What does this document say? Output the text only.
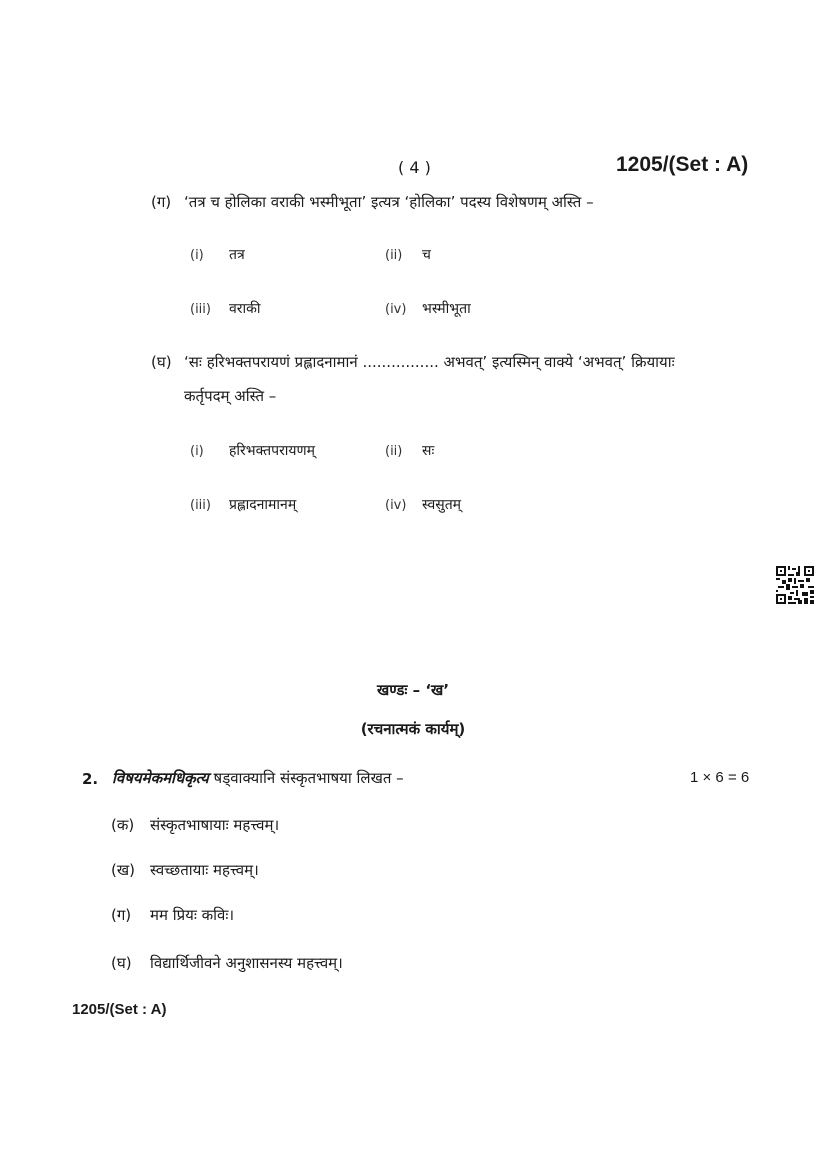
( 4 )	1205/(Set : A)
(ग) ‘तत्र च होलिका वराकी भस्मीभूता’ इत्यत्र ‘होलिका’ पदस्य विशेषणम् अस्ति –
(i) तत्र	(ii) च
(iii) वराकी	(iv) भस्मीभूता
(घ) ‘सः हरिभक्तपरायणं प्रह्लादनामानं ................ अभवत्’ इत्यस्मिन् वाक्ये ‘अभवत्’ क्रियायाः
कर्तृपदम् अस्ति –
(i) हरिभक्तपरायणम्	(ii) सः
(iii) प्रह्लादनामानम्	(iv) स्वसुतम्
खण्डः – ‘ख’
(रचनात्मकं कार्यम्)
2. विषयमेकमधिकृत्य षड्वाक्यानि संस्कृतभाषया लिखत –	1 × 6 = 6
(क) संस्कृतभाषायाः महत्त्वम्।
(ख) स्वच्छतायाः महत्त्वम्।
(ग) मम प्रियः कविः।
(घ) विद्यार्थिजीवने अनुशासनस्य महत्त्वम्।
1205/(Set : A)
